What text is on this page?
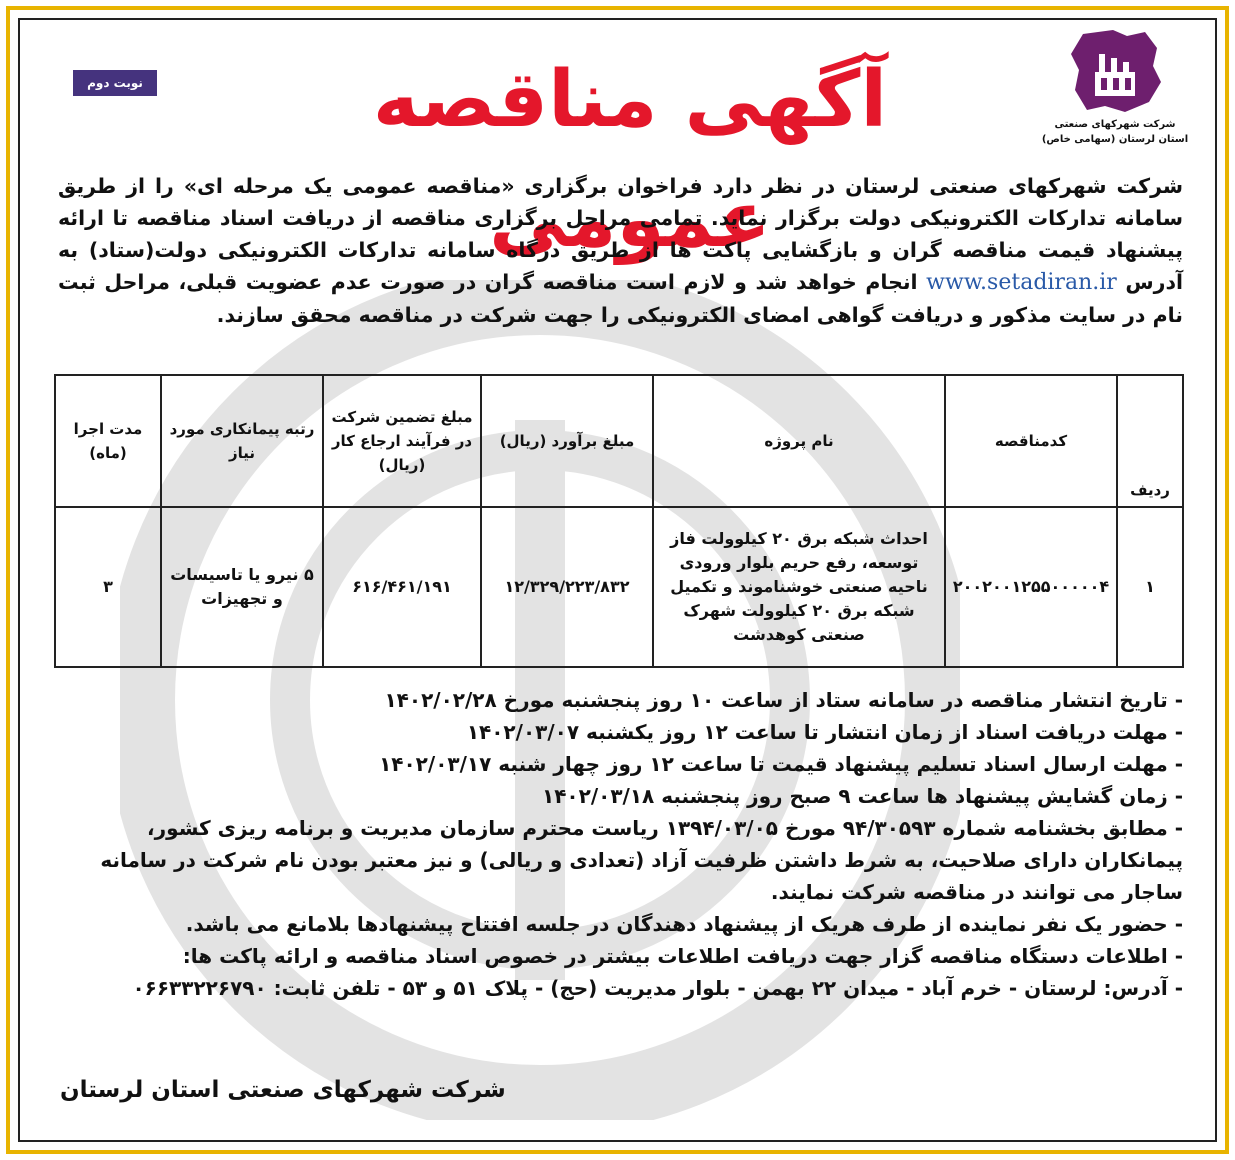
شرکت شهرکهای صنعتی
استان لرستان (سهامی خاص)
نوبت دوم	آگهی مناقصه عمومی
شرکت شهرکهای صنعتی لرستان در نظر دارد فراخوان برگزاری «مناقصه عمومی یک مرحله ای» را از طریق سامانه تدارکات الکترونیکی دولت برگزار نماید. تمامی مراحل برگزاری مناقصه از دریافت اسناد مناقصه تا ارائه پیشنهاد قیمت مناقصه گران و بازگشایی پاکت ها از طریق درگاه سامانه تدارکات الکترونیکی دولت(ستاد) به آدرس www.setadiran.ir انجام خواهد شد و لازم است مناقصه گران در صورت عدم عضویت قبلی، مراحل ثبت نام در سایت مذکور و دریافت گواهی امضای الکترونیکی را جهت شرکت در مناقصه محقق سازند.
ردیف	کدمناقصه	نام پروژه	مبلغ برآورد (ریال)	مبلغ تضمین شرکت در فرآیند ارجاع کار (ریال)	رتبه پیمانکاری مورد نیاز	مدت اجرا (ماه)
۱	۲۰۰۲۰۰۱۲۵۵۰۰۰۰۰۴	احداث شبکه برق ۲۰ کیلوولت فاز توسعه، رفع حریم بلوار ورودی ناحیه صنعتی خوشناموند و تکمیل شبکه برق ۲۰ کیلوولت شهرک صنعتی کوهدشت	۱۲/۳۲۹/۲۲۳/۸۳۲	۶۱۶/۴۶۱/۱۹۱	۵ نیرو یا تاسیسات و تجهیزات	۳

- تاریخ انتشار مناقصه در سامانه ستاد از ساعت ۱۰ روز پنجشنبه مورخ ۱۴۰۲/۰۲/۲۸

- مهلت دریافت اسناد از زمان انتشار تا ساعت ۱۲ روز یکشنبه ۱۴۰۲/۰۳/۰۷

- مهلت ارسال اسناد تسلیم پیشنهاد قیمت تا ساعت ۱۲ روز چهار شنبه ۱۴۰۲/۰۳/۱۷

- زمان گشایش پیشنهاد ها ساعت ۹ صبح روز پنجشنبه ۱۴۰۲/۰۳/۱۸

- مطابق بخشنامه شماره ۹۴/۳۰۵۹۳ مورخ ۱۳۹۴/۰۳/۰۵ ریاست محترم سازمان مدیریت و برنامه ریزی کشور، پیمانکاران دارای صلاحیت، به شرط داشتن ظرفیت آزاد (تعدادی و ریالی) و نیز معتبر بودن نام شرکت در سامانه ساجار می توانند در مناقصه شرکت نمایند.

- حضور یک نفر نماینده از طرف هریک از پیشنهاد دهندگان در جلسه افتتاح پیشنهادها بلامانع می باشد.

- اطلاعات دستگاه مناقصه گزار جهت دریافت اطلاعات بیشتر در خصوص اسناد مناقصه و ارائه پاکت ها:

- آدرس: لرستان - خرم آباد - میدان ۲۲ بهمن - بلوار مدیریت (حج) - پلاک ۵۱ و ۵۳ - تلفن ثابت: ۰۶۶۳۳۲۲۶۷۹۰

شرکت شهرکهای صنعتی استان لرستان
